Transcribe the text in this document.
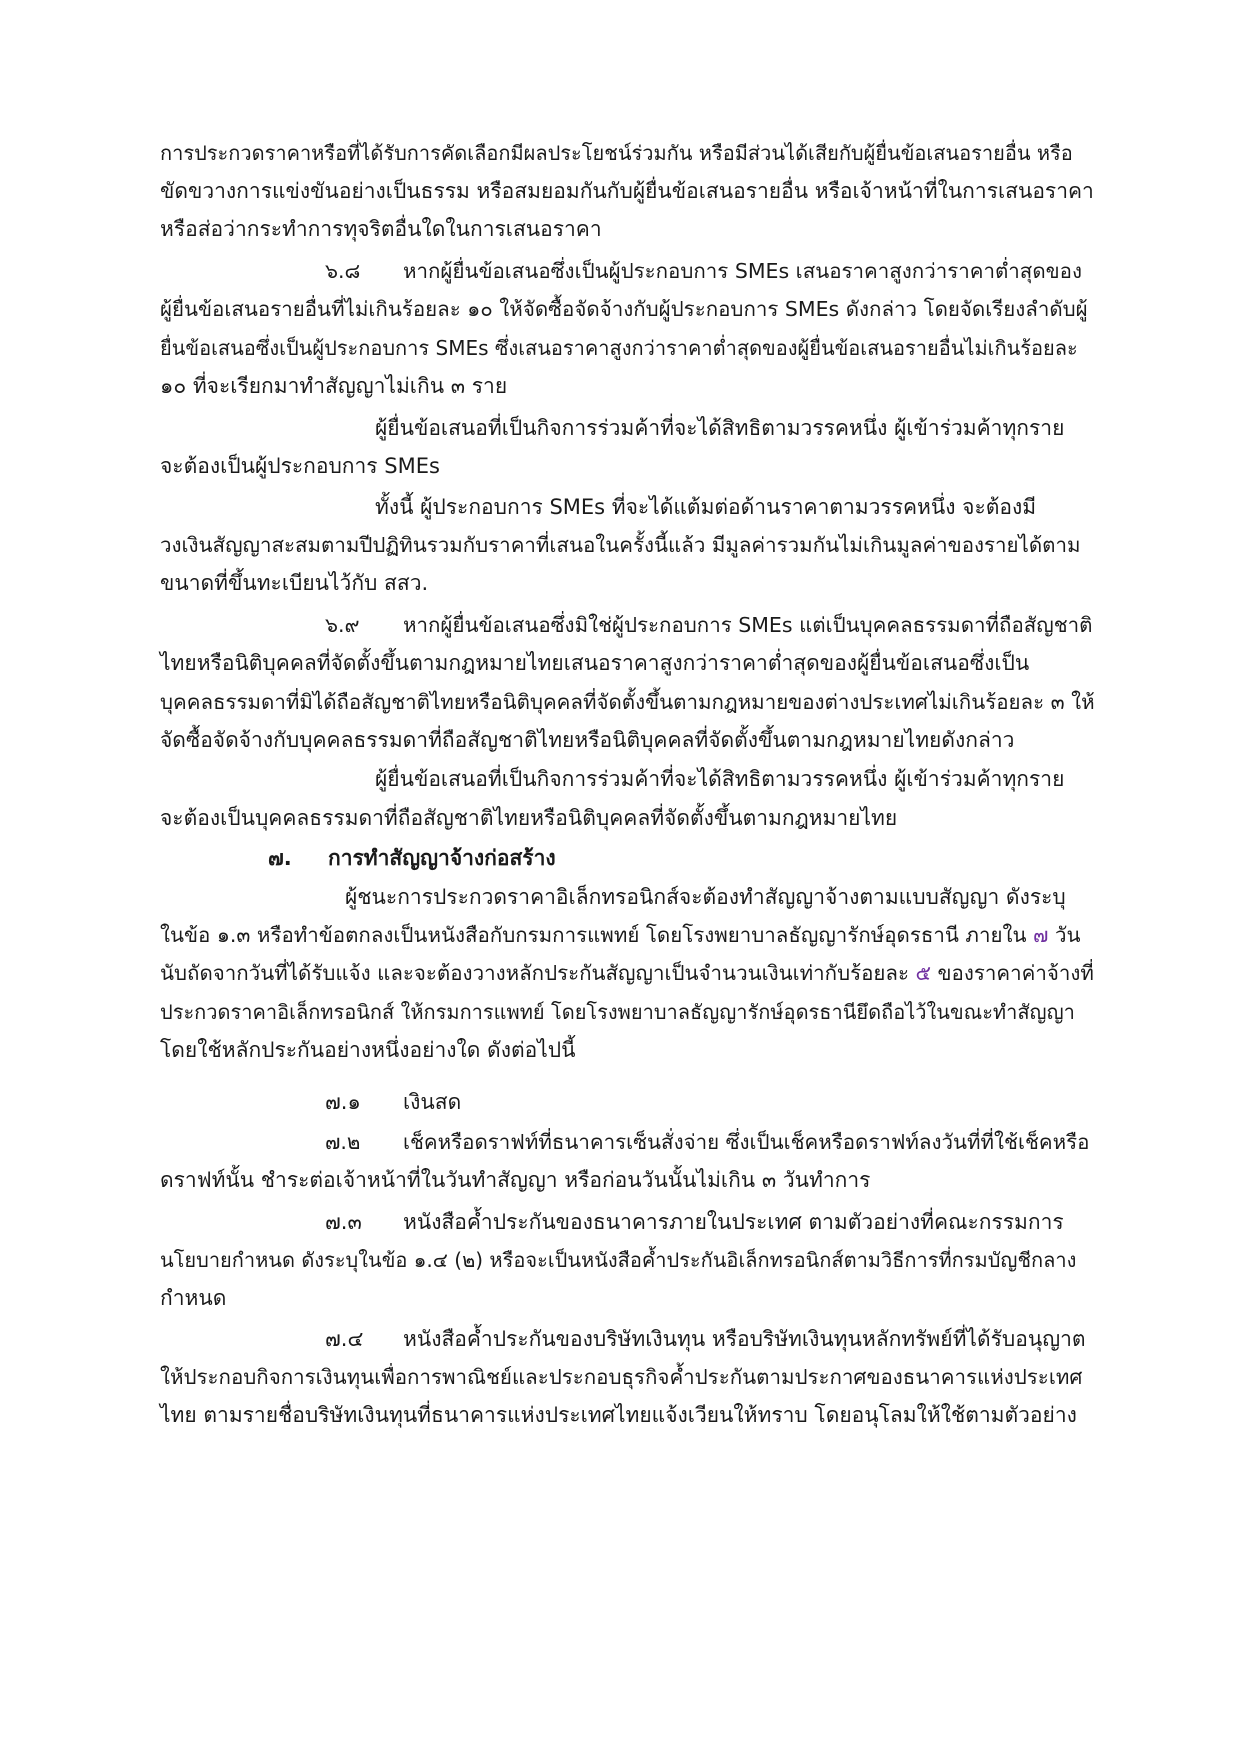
การประกวดราคาหรือที่ได้รับการคัดเลือกมีผลประโยชน์ร่วมกัน หรือมีส่วนได้เสียกับผู้ยื่นข้อเสนอรายอื่น หรือ
ขัดขวางการแข่งขันอย่างเป็นธรรม หรือสมยอมกันกับผู้ยื่นข้อเสนอรายอื่น หรือเจ้าหน้าที่ในการเสนอราคา
หรือส่อว่ากระทำการทุจริตอื่นใดในการเสนอราคา
๖.๘ หากผู้ยื่นข้อเสนอซึ่งเป็นผู้ประกอบการ SMEs เสนอราคาสูงกว่าราคาต่ำสุดของ
ผู้ยื่นข้อเสนอรายอื่นที่ไม่เกินร้อยละ ๑๐ ให้จัดซื้อจัดจ้างกับผู้ประกอบการ SMEs ดังกล่าว โดยจัดเรียงลำดับผู้
ยื่นข้อเสนอซึ่งเป็นผู้ประกอบการ SMEs ซึ่งเสนอราคาสูงกว่าราคาต่ำสุดของผู้ยื่นข้อเสนอรายอื่นไม่เกินร้อยละ
๑๐ ที่จะเรียกมาทำสัญญาไม่เกิน ๓ ราย
ผู้ยื่นข้อเสนอที่เป็นกิจการร่วมค้าที่จะได้สิทธิตามวรรคหนึ่ง ผู้เข้าร่วมค้าทุกราย
จะต้องเป็นผู้ประกอบการ SMEs
ทั้งนี้ ผู้ประกอบการ SMEs ที่จะได้แต้มต่อด้านราคาตามวรรคหนึ่ง จะต้องมี
วงเงินสัญญาสะสมตามปีปฏิทินรวมกับราคาที่เสนอในครั้งนี้แล้ว มีมูลค่ารวมกันไม่เกินมูลค่าของรายได้ตาม
ขนาดที่ขึ้นทะเบียนไว้กับ สสว.
๖.๙ หากผู้ยื่นข้อเสนอซึ่งมิใช่ผู้ประกอบการ SMEs แต่เป็นบุคคลธรรมดาที่ถือสัญชาติ
ไทยหรือนิติบุคคลที่จัดตั้งขึ้นตามกฎหมายไทยเสนอราคาสูงกว่าราคาต่ำสุดของผู้ยื่นข้อเสนอซึ่งเป็น
บุคคลธรรมดาที่มิได้ถือสัญชาติไทยหรือนิติบุคคลที่จัดตั้งขึ้นตามกฎหมายของต่างประเทศไม่เกินร้อยละ ๓ ให้
จัดซื้อจัดจ้างกับบุคคลธรรมดาที่ถือสัญชาติไทยหรือนิติบุคคลที่จัดตั้งขึ้นตามกฎหมายไทยดังกล่าว
ผู้ยื่นข้อเสนอที่เป็นกิจการร่วมค้าที่จะได้สิทธิตามวรรคหนึ่ง ผู้เข้าร่วมค้าทุกราย
จะต้องเป็นบุคคลธรรมดาที่ถือสัญชาติไทยหรือนิติบุคคลที่จัดตั้งขึ้นตามกฎหมายไทย
๗. การทำสัญญาจ้างก่อสร้าง
ผู้ชนะการประกวดราคาอิเล็กทรอนิกส์จะต้องทำสัญญาจ้างตามแบบสัญญา ดังระบุ
ในข้อ ๑.๓ หรือทำข้อตกลงเป็นหนังสือกับกรมการแพทย์ โดยโรงพยาบาลธัญญารักษ์อุดรธานี ภายใน ๗ วัน
นับถัดจากวันที่ได้รับแจ้ง และจะต้องวางหลักประกันสัญญาเป็นจำนวนเงินเท่ากับร้อยละ ๕ ของราคาค่าจ้างที่
ประกวดราคาอิเล็กทรอนิกส์ ให้กรมการแพทย์ โดยโรงพยาบาลธัญญารักษ์อุดรธานียึดถือไว้ในขณะทำสัญญา
โดยใช้หลักประกันอย่างหนึ่งอย่างใด ดังต่อไปนี้
๗.๑ เงินสด
๗.๒ เช็คหรือดราฟท์ที่ธนาคารเซ็นสั่งจ่าย ซึ่งเป็นเช็คหรือดราฟท์ลงวันที่ที่ใช้เช็คหรือ
ดราฟท์นั้น ชำระต่อเจ้าหน้าที่ในวันทำสัญญา หรือก่อนวันนั้นไม่เกิน ๓ วันทำการ
๗.๓ หนังสือค้ำประกันของธนาคารภายในประเทศ ตามตัวอย่างที่คณะกรรมการ
นโยบายกำหนด ดังระบุในข้อ ๑.๔ (๒) หรือจะเป็นหนังสือค้ำประกันอิเล็กทรอนิกส์ตามวิธีการที่กรมบัญชีกลาง
กำหนด
๗.๔ หนังสือค้ำประกันของบริษัทเงินทุน หรือบริษัทเงินทุนหลักทรัพย์ที่ได้รับอนุญาต
ให้ประกอบกิจการเงินทุนเพื่อการพาณิชย์และประกอบธุรกิจค้ำประกันตามประกาศของธนาคารแห่งประเทศ
ไทย ตามรายชื่อบริษัทเงินทุนที่ธนาคารแห่งประเทศไทยแจ้งเวียนให้ทราบ โดยอนุโลมให้ใช้ตามตัวอย่าง
